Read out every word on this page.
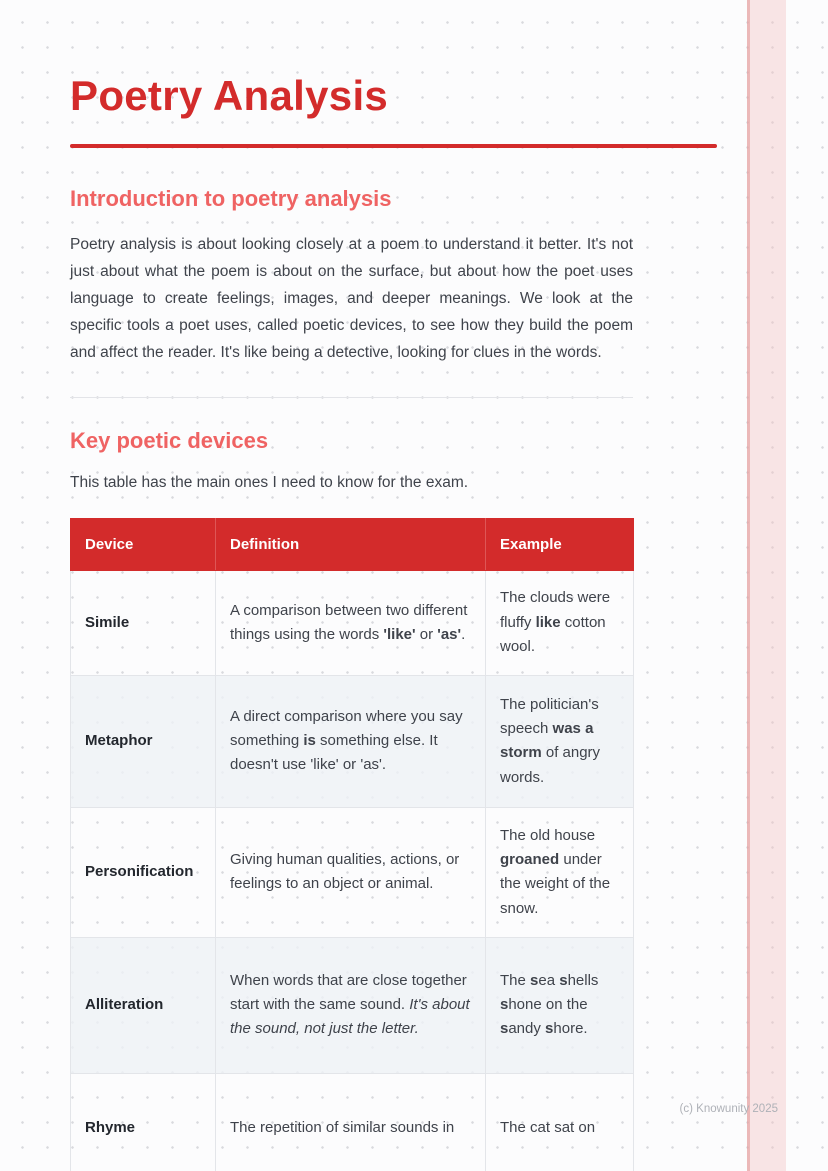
Poetry Analysis
Introduction to poetry analysis

Poetry analysis is about looking closely at a poem to understand it better. It's not just about what the poem is about on the surface, but about how the poet uses language to create feelings, images, and deeper meanings. We look at the specific tools a poet uses, called poetic devices, to see how they build the poem and affect the reader. It's like being a detective, looking for clues in the words.

Key poetic devices

This table has the main ones I need to know for the exam.

Device	Definition	Example
Simile	A comparison between two different things using the words 'like' or 'as'.	The clouds were fluffy like cotton wool.
Metaphor	A direct comparison where you say something is something else. It doesn't use 'like' or 'as'.	The politician's speech was a storm of angry words.
Personification	Giving human qualities, actions, or feelings to an object or animal.	The old house groaned under the weight of the snow.
Alliteration	When words that are close together start with the same sound. It's about the sound, not just the letter.	The sea shells shone on the sandy shore.
Rhyme	The repetition of similar sounds in	The cat sat on
(c) Knowunity 2025
